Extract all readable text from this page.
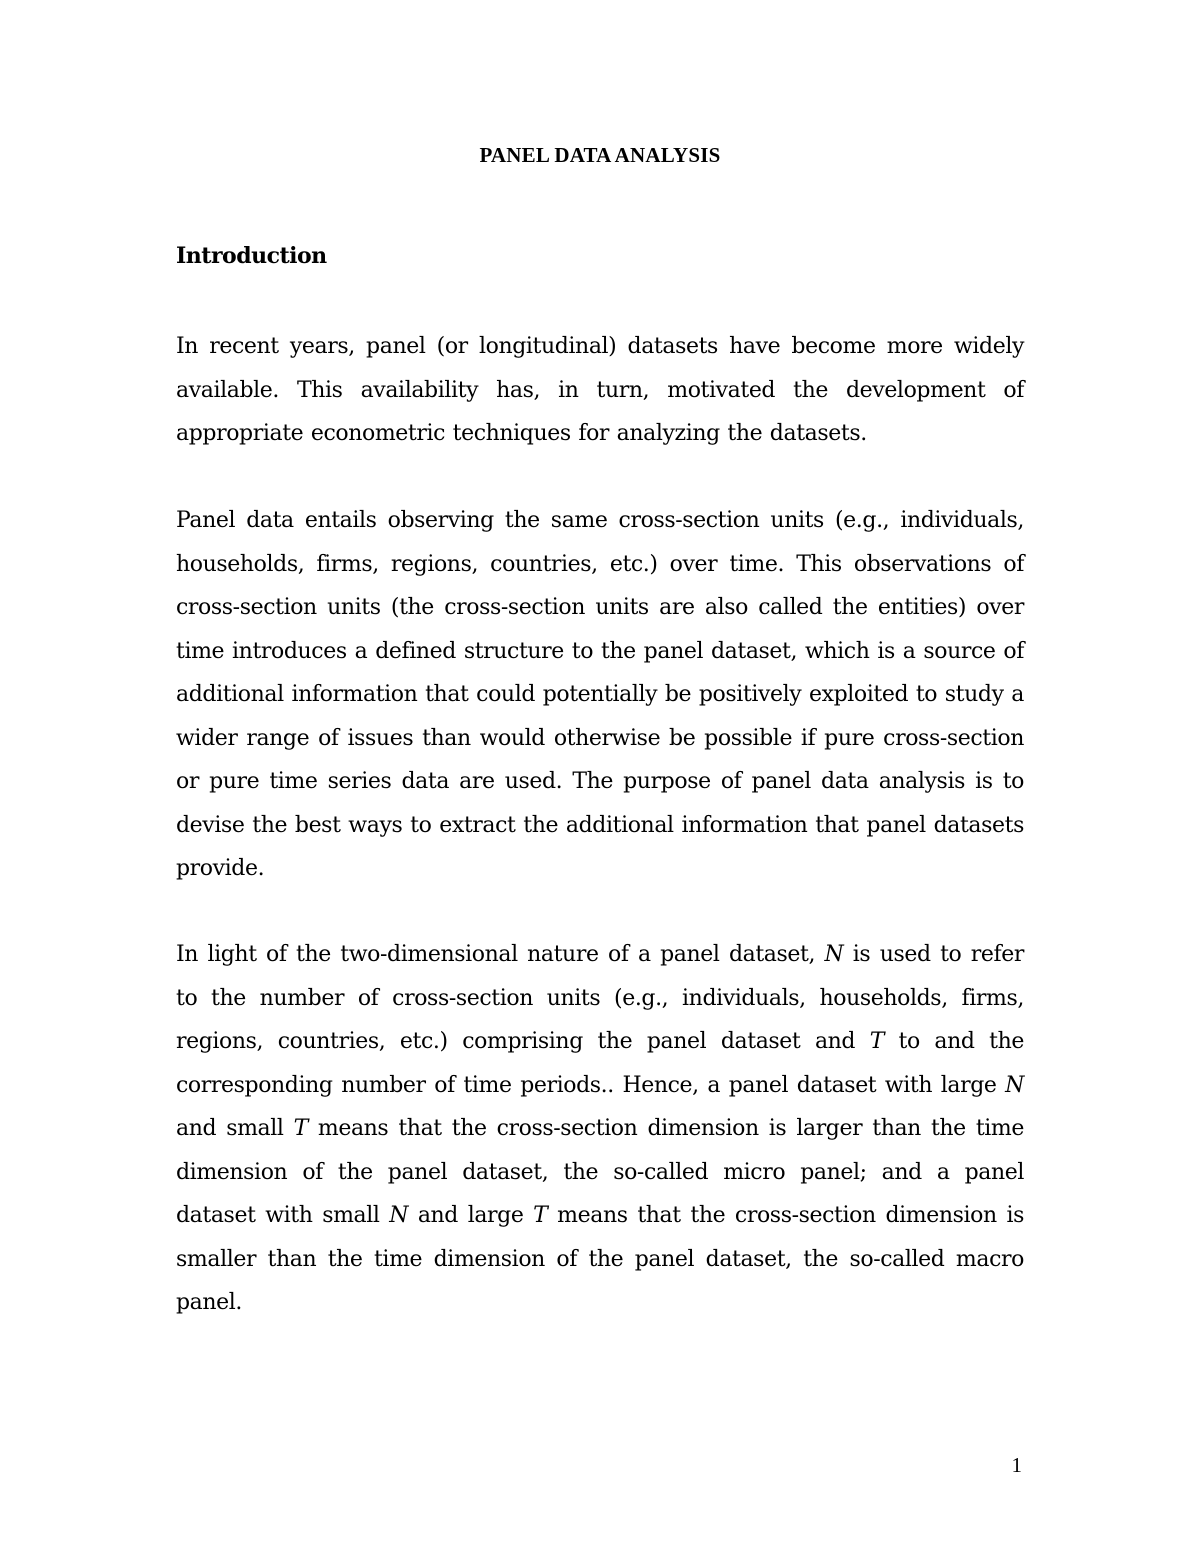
PANEL DATA ANALYSIS
Introduction

In recent years, panel (or longitudinal) datasets have become more widely available. This availability has, in turn, motivated the development of appropriate econometric techniques for analyzing the datasets.

Panel data entails observing the same cross-section units (e.g., individuals, households, firms, regions, countries, etc.) over time. This observations of cross-section units (the cross-section units are also called the entities) over time introduces a defined structure to the panel dataset, which is a source of additional information that could potentially be positively exploited to study a wider range of issues than would otherwise be possible if pure cross-section or pure time series data are used. The purpose of panel data analysis is to devise the best ways to extract the additional information that panel datasets provide.

In light of the two-dimensional nature of a panel dataset, N is used to refer to the number of cross-section units (e.g., individuals, households, firms, regions, countries, etc.) comprising the panel dataset and T to and the corresponding number of time periods.. Hence, a panel dataset with large N and small T means that the cross-section dimension is larger than the time dimension of the panel dataset, the so-called micro panel; and a panel dataset with small N and large T means that the cross-section dimension is smaller than the time dimension of the panel dataset, the so-called macro panel.

1
